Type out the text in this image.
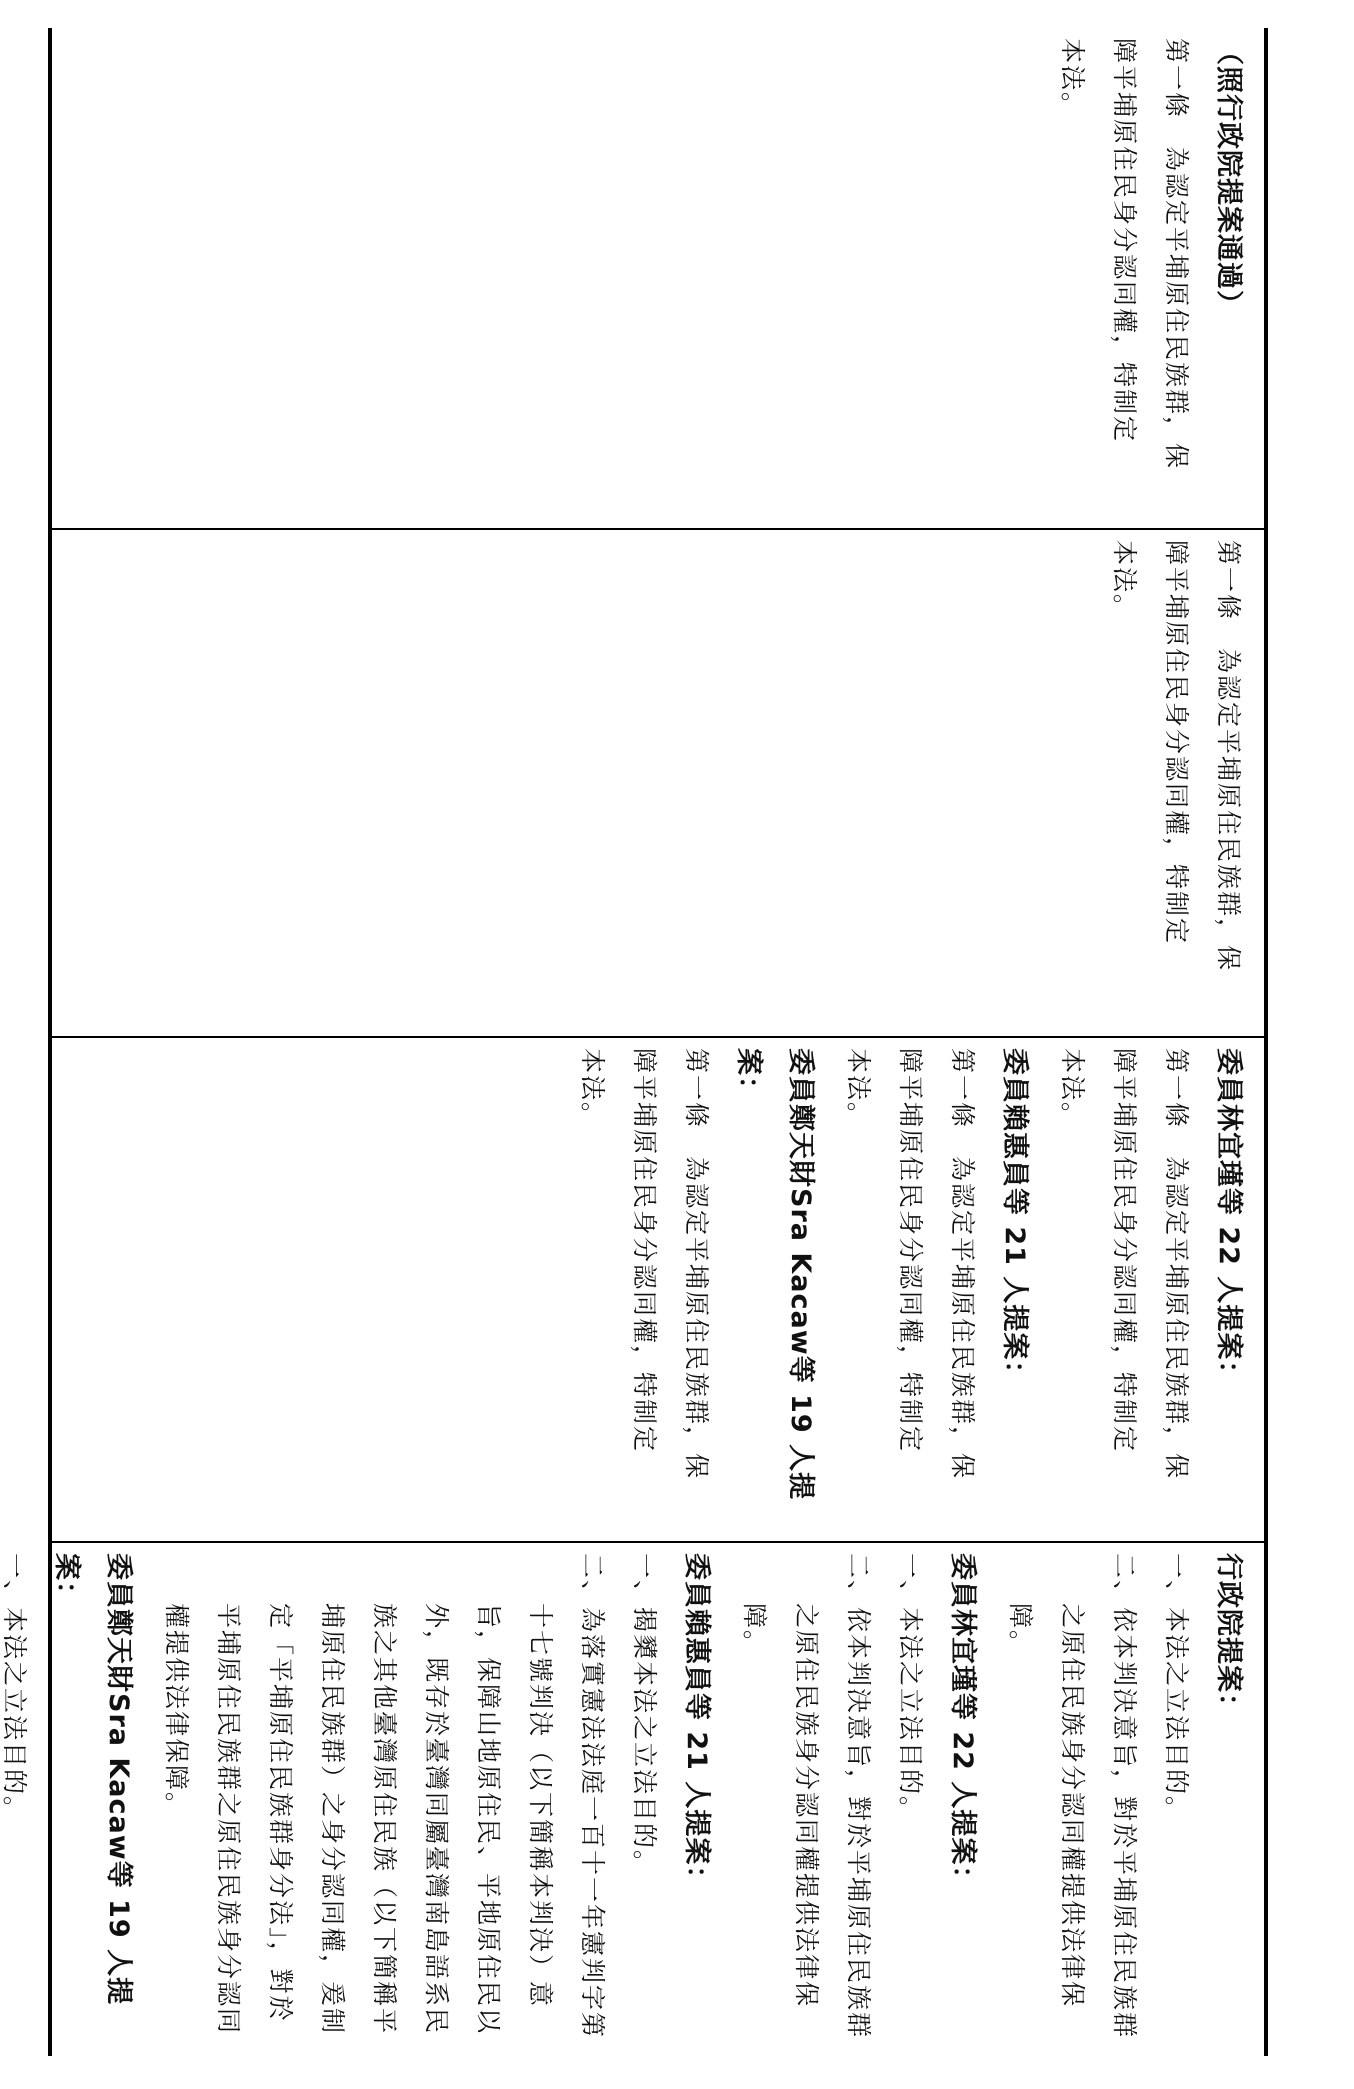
（照行政院提案通過）
第一條　為認定平埔原住民族群，保
障平埔原住民身分認同權，特制定
本法。
第一條　為認定平埔原住民族群，保
障平埔原住民身分認同權，特制定
本法。
委員林宜瑾等 22 人提案：
第一條　為認定平埔原住民族群，保
障平埔原住民身分認同權，特制定
本法。
委員賴惠員等 21 人提案：
第一條　為認定平埔原住民族群，保
障平埔原住民身分認同權，特制定
本法。
委員鄭天財Sra Kacaw等 19 人提案：
第一條　為認定平埔原住民族群，保
障平埔原住民身分認同權，特制定
本法。
行政院提案：
一、本法之立法目的。
二、依本判決意旨，對於平埔原住民族群之原住民族身分認同權提供法律保障。
委員林宜瑾等 22 人提案：
一、本法之立法目的。
二、依本判決意旨，對於平埔原住民族群之原住民族身分認同權提供法律保障。
委員賴惠員等 21 人提案：
一、揭櫫本法之立法目的。
二、為落實憲法法庭一百十一年憲判字第十七號判決（以下簡稱本判決）意旨，保障山地原住民、平地原住民以外，既存於臺灣同屬臺灣南島語系民族之其他臺灣原住民族（以下簡稱平埔原住民族群）之身分認同權，爰制定「平埔原住民族群身分法」，對於平埔原住民族群之原住民族身分認同權提供法律保障。
委員鄭天財Sra Kacaw等 19 人提案：
一、本法之立法目的。
